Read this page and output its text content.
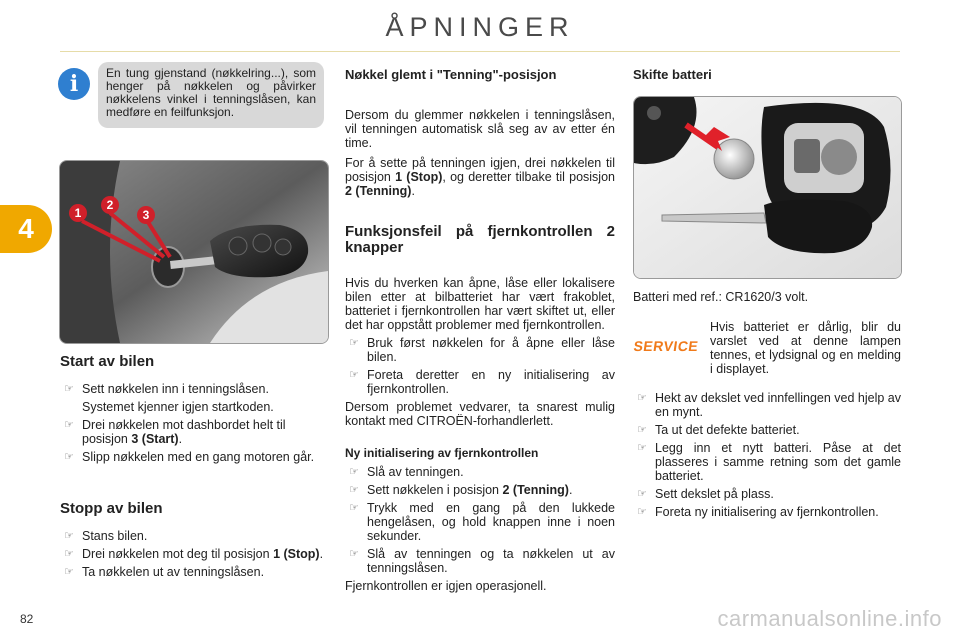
ÅPNINGER
4
i	En tung gjenstand (nøkkelring...), som henger på nøkkelen og påvirker nøkkelens vinkel i tenningslåsen, kan medføre en feilfunksjon.
1
2
3

Start av bilen

☞ Sett nøkkelen inn i tenningslåsen.

Systemet kjenner igjen startkoden.

☞ Drei nøkkelen mot dashbordet helt til posisjon 3 (Start).
☞ Slipp nøkkelen med en gang motoren går.

Stopp av bilen

☞ Stans bilen.
☞ Drei nøkkelen mot deg til posisjon 1 (Stop).
☞ Ta nøkkelen ut av tenningslåsen.

Nøkkel glemt i "Tenning"-posisjon

Dersom du glemmer nøkkelen i tenningslåsen, vil tenningen automatisk slå seg av av etter én time.

For å sette på tenningen igjen, drei nøkkelen til posisjon 1 (Stop), og deretter tilbake til posisjon 2 (Tenning).

Funksjonsfeil på fjernkontrollen 2 knapper

Hvis du hverken kan åpne, låse eller lokalisere bilen etter at bilbatteriet har vært frakoblet, batteriet i fjernkontrollen har vært skiftet ut, eller det har oppstått problemer med fjernkontrollen.

☞ Bruk først nøkkelen for å åpne eller låse bilen.
☞ Foreta deretter en ny initialisering av fjernkontrollen.

Dersom problemet vedvarer, ta snarest mulig kontakt med CITROËN-forhandlerlett.

Ny initialisering av fjernkontrollen

☞ Slå av tenningen.
☞ Sett nøkkelen i posisjon 2 (Tenning).
☞ Trykk med en gang på den lukkede hengelåsen, og hold knappen inne i noen sekunder.
☞ Slå av tenningen og ta nøkkelen ut av tenningslåsen.

Fjernkontrollen er igjen operasjonell.

Skifte batteri

Batteri med ref.: CR1620/3 volt.
SERVICE
Hvis batteriet er dårlig, blir du varslet ved at denne lampen tennes, et lydsignal og en melding i displayet.
☞ Hekt av dekslet ved innfellingen ved hjelp av en mynt.
☞ Ta ut det defekte batteriet.
☞ Legg inn et nytt batteri. Påse at det plasseres i samme retning som det gamle batteriet.
☞ Sett dekslet på plass.
☞ Foreta ny initialisering av fjernkontrollen.
82	carmanualsonline.info
